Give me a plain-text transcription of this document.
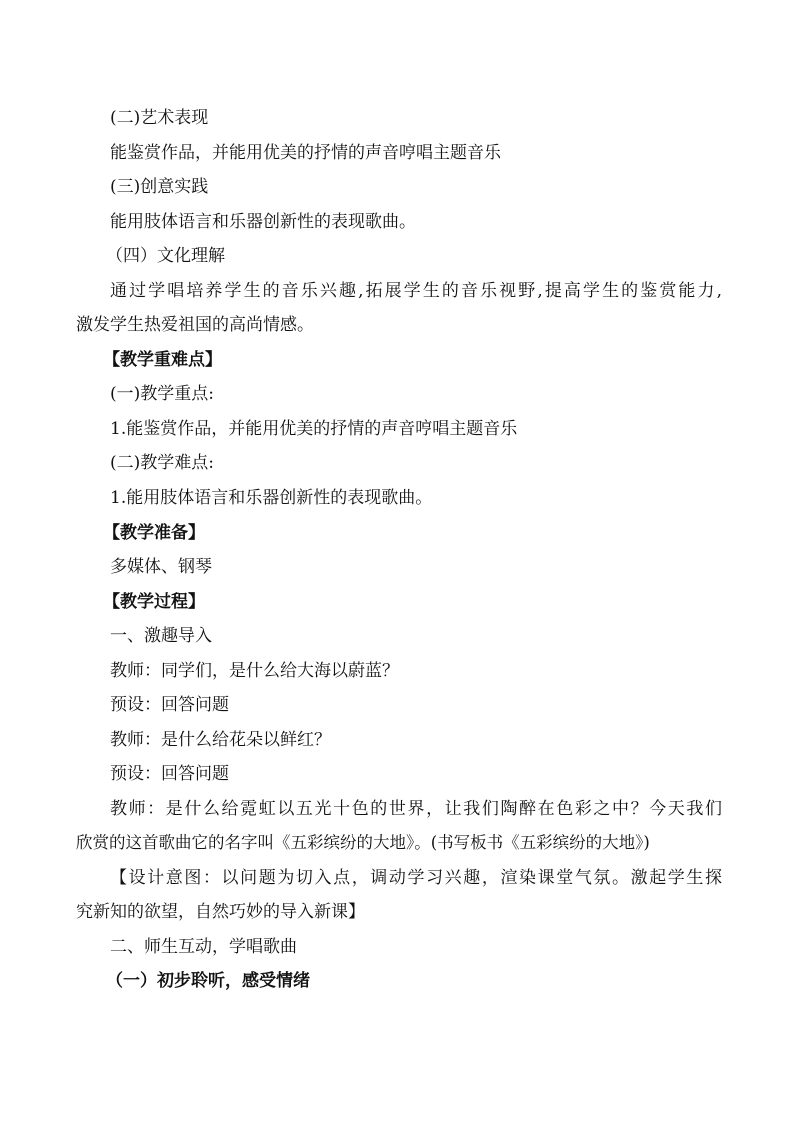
(二)艺术表现
能鉴赏作品，并能用优美的抒情的声音哼唱主题音乐
(三)创意实践
能用肢体语言和乐器创新性的表现歌曲。
（四）文化理解
通过学唱培养学生的音乐兴趣,拓展学生的音乐视野,提高学生的鉴赏能力,
激发学生热爱祖国的高尚情感。
【教学重难点】
(一)教学重点:
1.能鉴赏作品，并能用优美的抒情的声音哼唱主题音乐
(二)教学难点:
1.能用肢体语言和乐器创新性的表现歌曲。
【教学准备】
多媒体、钢琴
【教学过程】
一、激趣导入
教师：同学们，是什么给大海以蔚蓝？
预设：回答问题
教师：是什么给花朵以鲜红？
预设：回答问题
教师：是什么给霓虹以五光十色的世界，让我们陶醉在色彩之中？今天我们
欣赏的这首歌曲它的名字叫《五彩缤纷的大地》。(书写板书《五彩缤纷的大地》)
【设计意图：以问题为切入点，调动学习兴趣，渲染课堂气氛。激起学生探
究新知的欲望，自然巧妙的导入新课】
二、师生互动，学唱歌曲
（一）初步聆听，感受情绪
